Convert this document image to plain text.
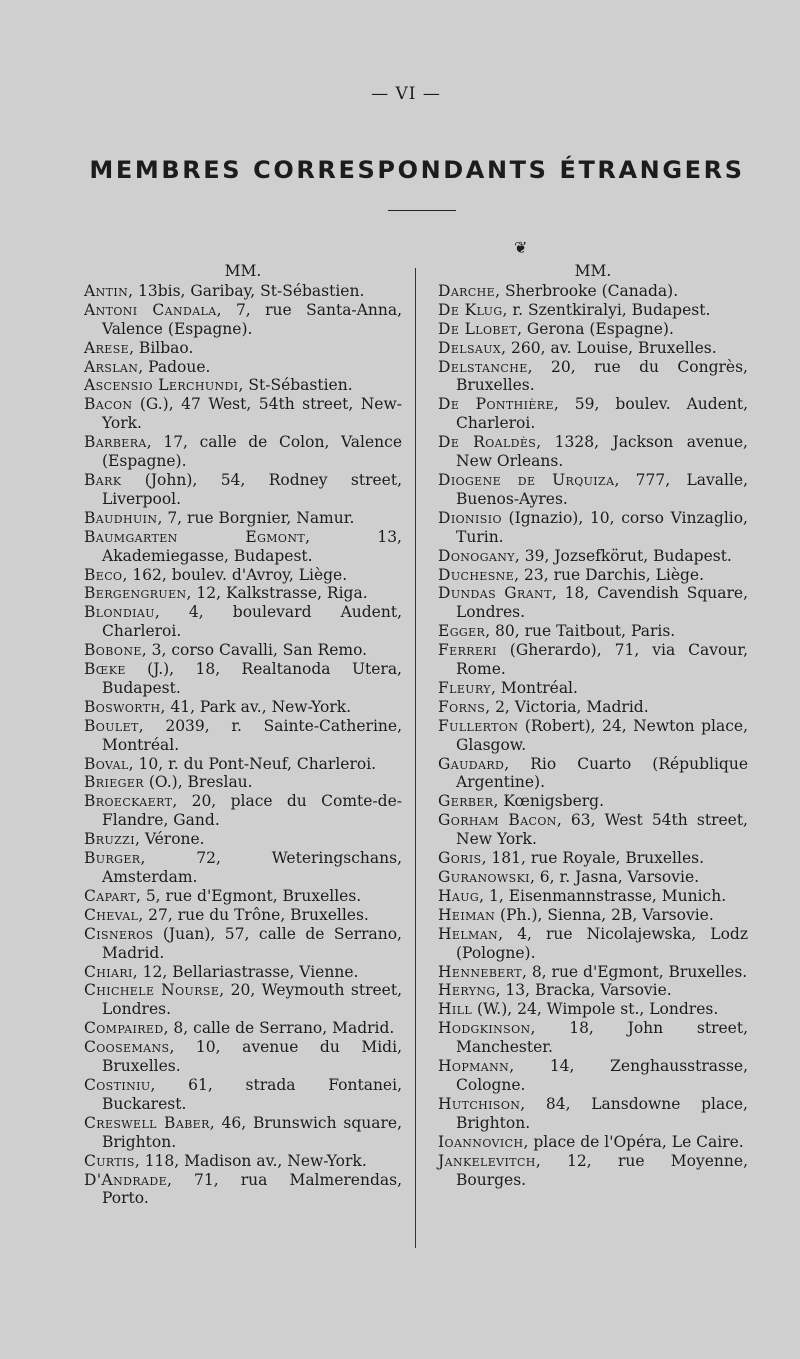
— VI —
MEMBRES CORRESPONDANTS ÉTRANGERS
❦
MM.
Antin, 13bis, Garibay, St-Sébastien.
Antoni Candala, 7, rue Santa-Anna, Valence (Espagne).
Arese, Bilbao.
Arslan, Padoue.
Ascensio Lerchundi, St-Sébastien.
Bacon (G.), 47 West, 54th street, New-York.
Barbera, 17, calle de Colon, Valence (Espagne).
Bark (John), 54, Rodney street, Liverpool.
Baudhuin, 7, rue Borgnier, Namur.
Baumgarten Egmont, 13, Akademiegasse, Budapest.
Beco, 162, boulev. d'Avroy, Liège.
Bergengruen, 12, Kalkstrasse, Riga.
Blondiau, 4, boulevard Audent, Charleroi.
Bobone, 3, corso Cavalli, San Remo.
Bœke (J.), 18, Realtanoda Utera, Budapest.
Bosworth, 41, Park av., New-York.
Boulet, 2039, r. Sainte-Catherine, Montréal.
Boval, 10, r. du Pont-Neuf, Charleroi.
Brieger (O.), Breslau.
Broeckaert, 20, place du Comte-de-Flandre, Gand.
Bruzzi, Vérone.
Burger, 72, Weteringschans, Amsterdam.
Capart, 5, rue d'Egmont, Bruxelles.
Cheval, 27, rue du Trône, Bruxelles.
Cisneros (Juan), 57, calle de Serrano, Madrid.
Chiari, 12, Bellariastrasse, Vienne.
Chichele Nourse, 20, Weymouth street, Londres.
Compaired, 8, calle de Serrano, Madrid.
Coosemans, 10, avenue du Midi, Bruxelles.
Costiniu, 61, strada Fontanei, Buckarest.
Creswell Baber, 46, Brunswich square, Brighton.
Curtis, 118, Madison av., New-York.
D'Andrade, 71, rua Malmerendas, Porto.
MM.
Darche, Sherbrooke (Canada).
De Klug, r. Szentkiralyi, Budapest.
De Llobet, Gerona (Espagne).
Delsaux, 260, av. Louise, Bruxelles.
Delstanche, 20, rue du Congrès, Bruxelles.
De Ponthière, 59, boulev. Audent, Charleroi.
De Roaldès, 1328, Jackson avenue, New Orleans.
Diogene de Urquiza, 777, Lavalle, Buenos-Ayres.
Dionisio (Ignazio), 10, corso Vinzaglio, Turin.
Donogany, 39, Jozsefkörut, Budapest.
Duchesne, 23, rue Darchis, Liège.
Dundas Grant, 18, Cavendish Square, Londres.
Egger, 80, rue Taitbout, Paris.
Ferreri (Gherardo), 71, via Cavour, Rome.
Fleury, Montréal.
Forns, 2, Victoria, Madrid.
Fullerton (Robert), 24, Newton place, Glasgow.
Gaudard, Rio Cuarto (République Argentine).
Gerber, Kœnigsberg.
Gorham Bacon, 63, West 54th street, New York.
Goris, 181, rue Royale, Bruxelles.
Guranowski, 6, r. Jasna, Varsovie.
Haug, 1, Eisenmannstrasse, Munich.
Heiman (Ph.), Sienna, 2B, Varsovie.
Helman, 4, rue Nicolajewska, Lodz (Pologne).
Hennebert, 8, rue d'Egmont, Bruxelles.
Heryng, 13, Bracka, Varsovie.
Hill (W.), 24, Wimpole st., Londres.
Hodgkinson, 18, John street, Manchester.
Hopmann, 14, Zenghausstrasse, Cologne.
Hutchison, 84, Lansdowne place, Brighton.
Ioannovich, place de l'Opéra, Le Caire.
Jankelevitch, 12, rue Moyenne, Bourges.
